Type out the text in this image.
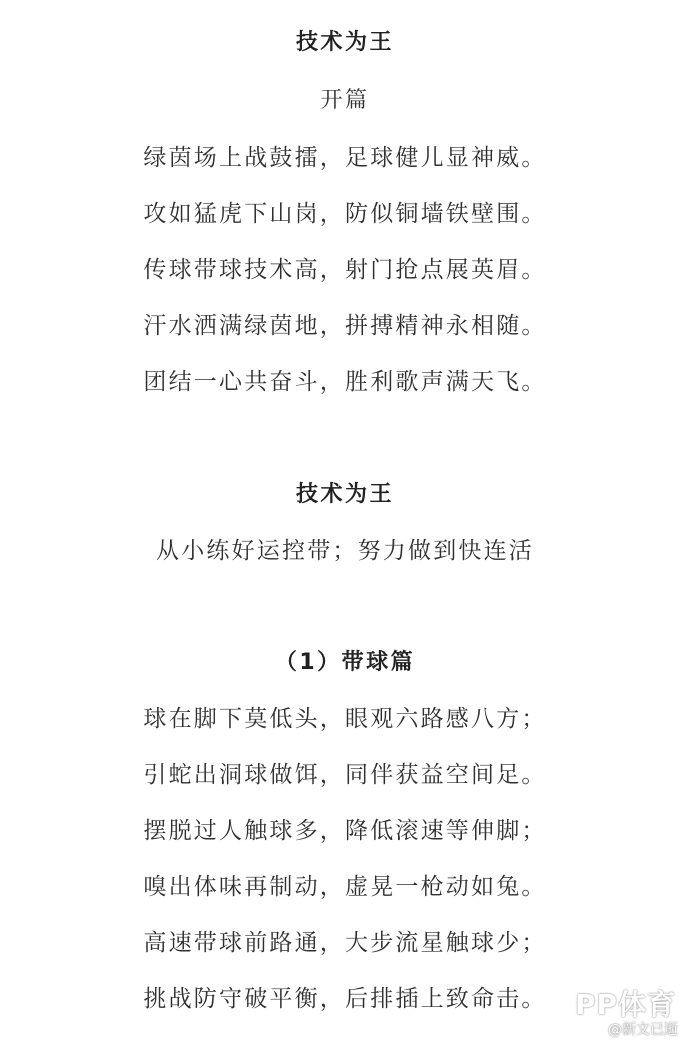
技术为王
开篇
绿茵场上战鼓擂，足球健儿显神威。
攻如猛虎下山岗，防似铜墙铁壁围。
传球带球技术高，射门抢点展英眉。
汗水洒满绿茵地，拼搏精神永相随。
团结一心共奋斗，胜利歌声满天飞。
技术为王
从小练好运控带；努力做到快连活
（1）带球篇
球在脚下莫低头，眼观六路感八方；
引蛇出洞球做饵，同伴获益空间足。
摆脱过人触球多，降低滚速等伸脚；
嗅出体味再制动，虚晃一枪动如兔。
高速带球前路通，大步流星触球少；
挑战防守破平衡，后排插上致命击。	PP体育
@新文已逝
